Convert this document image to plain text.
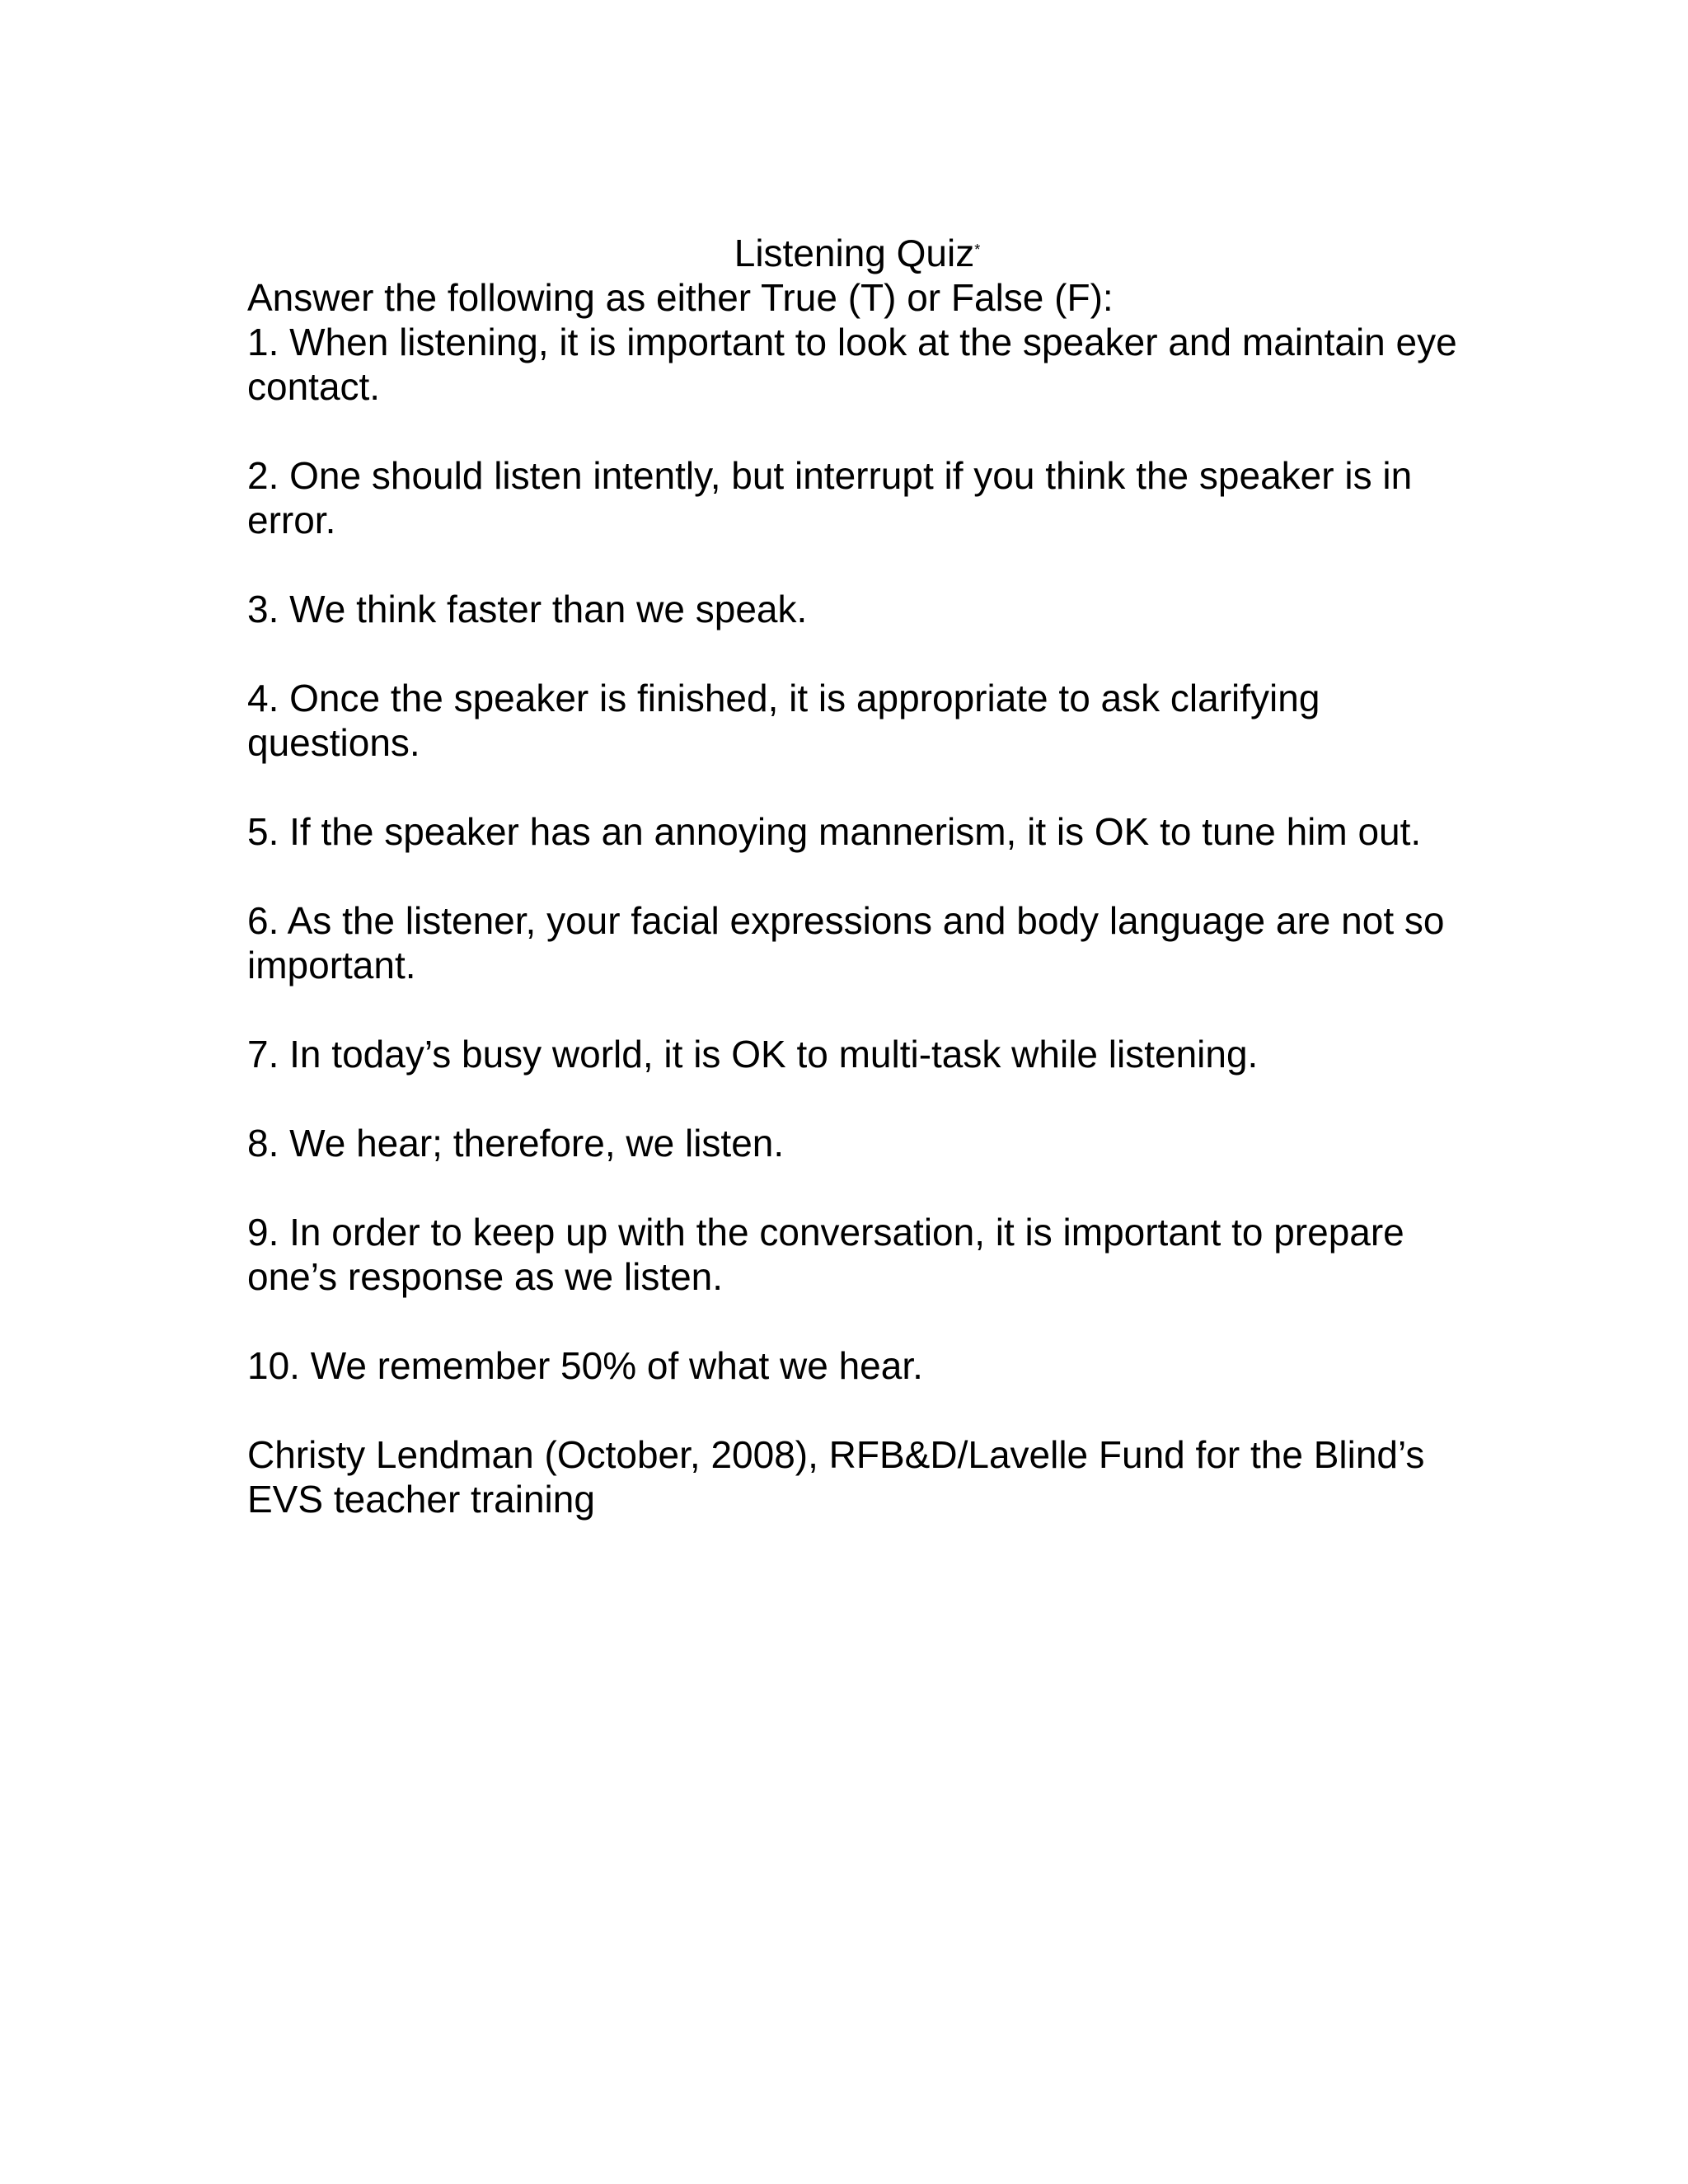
Listening Quiz*

Answer the following as either True (T) or False (F):

1. When listening, it is important to look at the speaker and maintain eye contact.

2. One should listen intently, but interrupt if you think the speaker is in error.

3. We think faster than we speak.

4. Once the speaker is finished, it is appropriate to ask clarifying questions.

5. If the speaker has an annoying mannerism, it is OK to tune him out.

6. As the listener, your facial expressions and body language are not so important.

7. In today’s busy world, it is OK to multi-task while listening.

8. We hear; therefore, we listen.

9. In order to keep up with the conversation, it is important to prepare one’s response as we listen.

10. We remember 50% of what we hear.

Christy Lendman (October, 2008), RFB&D/Lavelle Fund for the Blind’s EVS teacher training
